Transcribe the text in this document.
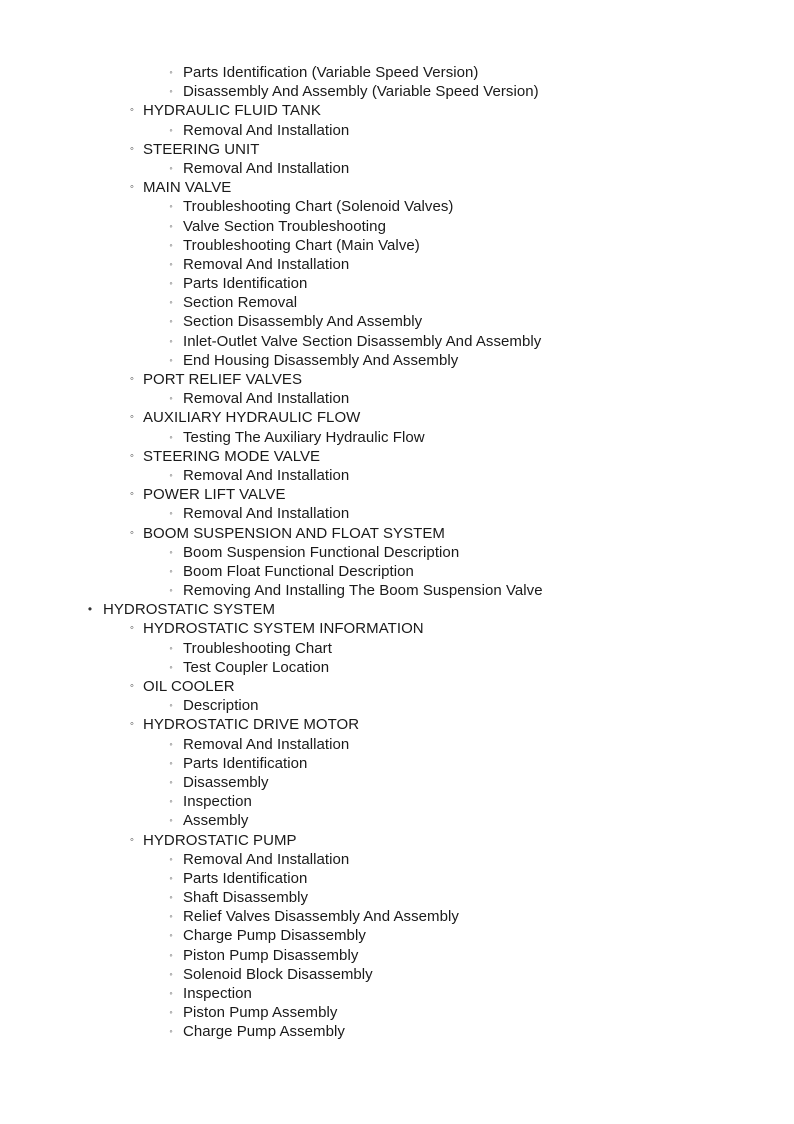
◦ Parts Identification (Variable Speed Version)
◦ Disassembly And Assembly (Variable Speed Version)
◦ HYDRAULIC FLUID TANK
◦ Removal And Installation
◦ STEERING UNIT
◦ Removal And Installation
◦ MAIN VALVE
◦ Troubleshooting Chart (Solenoid Valves)
◦ Valve Section Troubleshooting
◦ Troubleshooting Chart (Main Valve)
◦ Removal And Installation
◦ Parts Identification
◦ Section Removal
◦ Section Disassembly And Assembly
◦ Inlet-Outlet Valve Section Disassembly And Assembly
◦ End Housing Disassembly And Assembly
◦ PORT RELIEF VALVES
◦ Removal And Installation
◦ AUXILIARY HYDRAULIC FLOW
◦ Testing The Auxiliary Hydraulic Flow
◦ STEERING MODE VALVE
◦ Removal And Installation
◦ POWER LIFT VALVE
◦ Removal And Installation
◦ BOOM SUSPENSION AND FLOAT SYSTEM
◦ Boom Suspension Functional Description
◦ Boom Float Functional Description
◦ Removing And Installing The Boom Suspension Valve
• HYDROSTATIC SYSTEM
◦ HYDROSTATIC SYSTEM INFORMATION
◦ Troubleshooting Chart
◦ Test Coupler Location
◦ OIL COOLER
◦ Description
◦ HYDROSTATIC DRIVE MOTOR
◦ Removal And Installation
◦ Parts Identification
◦ Disassembly
◦ Inspection
◦ Assembly
◦ HYDROSTATIC PUMP
◦ Removal And Installation
◦ Parts Identification
◦ Shaft Disassembly
◦ Relief Valves Disassembly And Assembly
◦ Charge Pump Disassembly
◦ Piston Pump Disassembly
◦ Solenoid Block Disassembly
◦ Inspection
◦ Piston Pump Assembly
◦ Charge Pump Assembly
